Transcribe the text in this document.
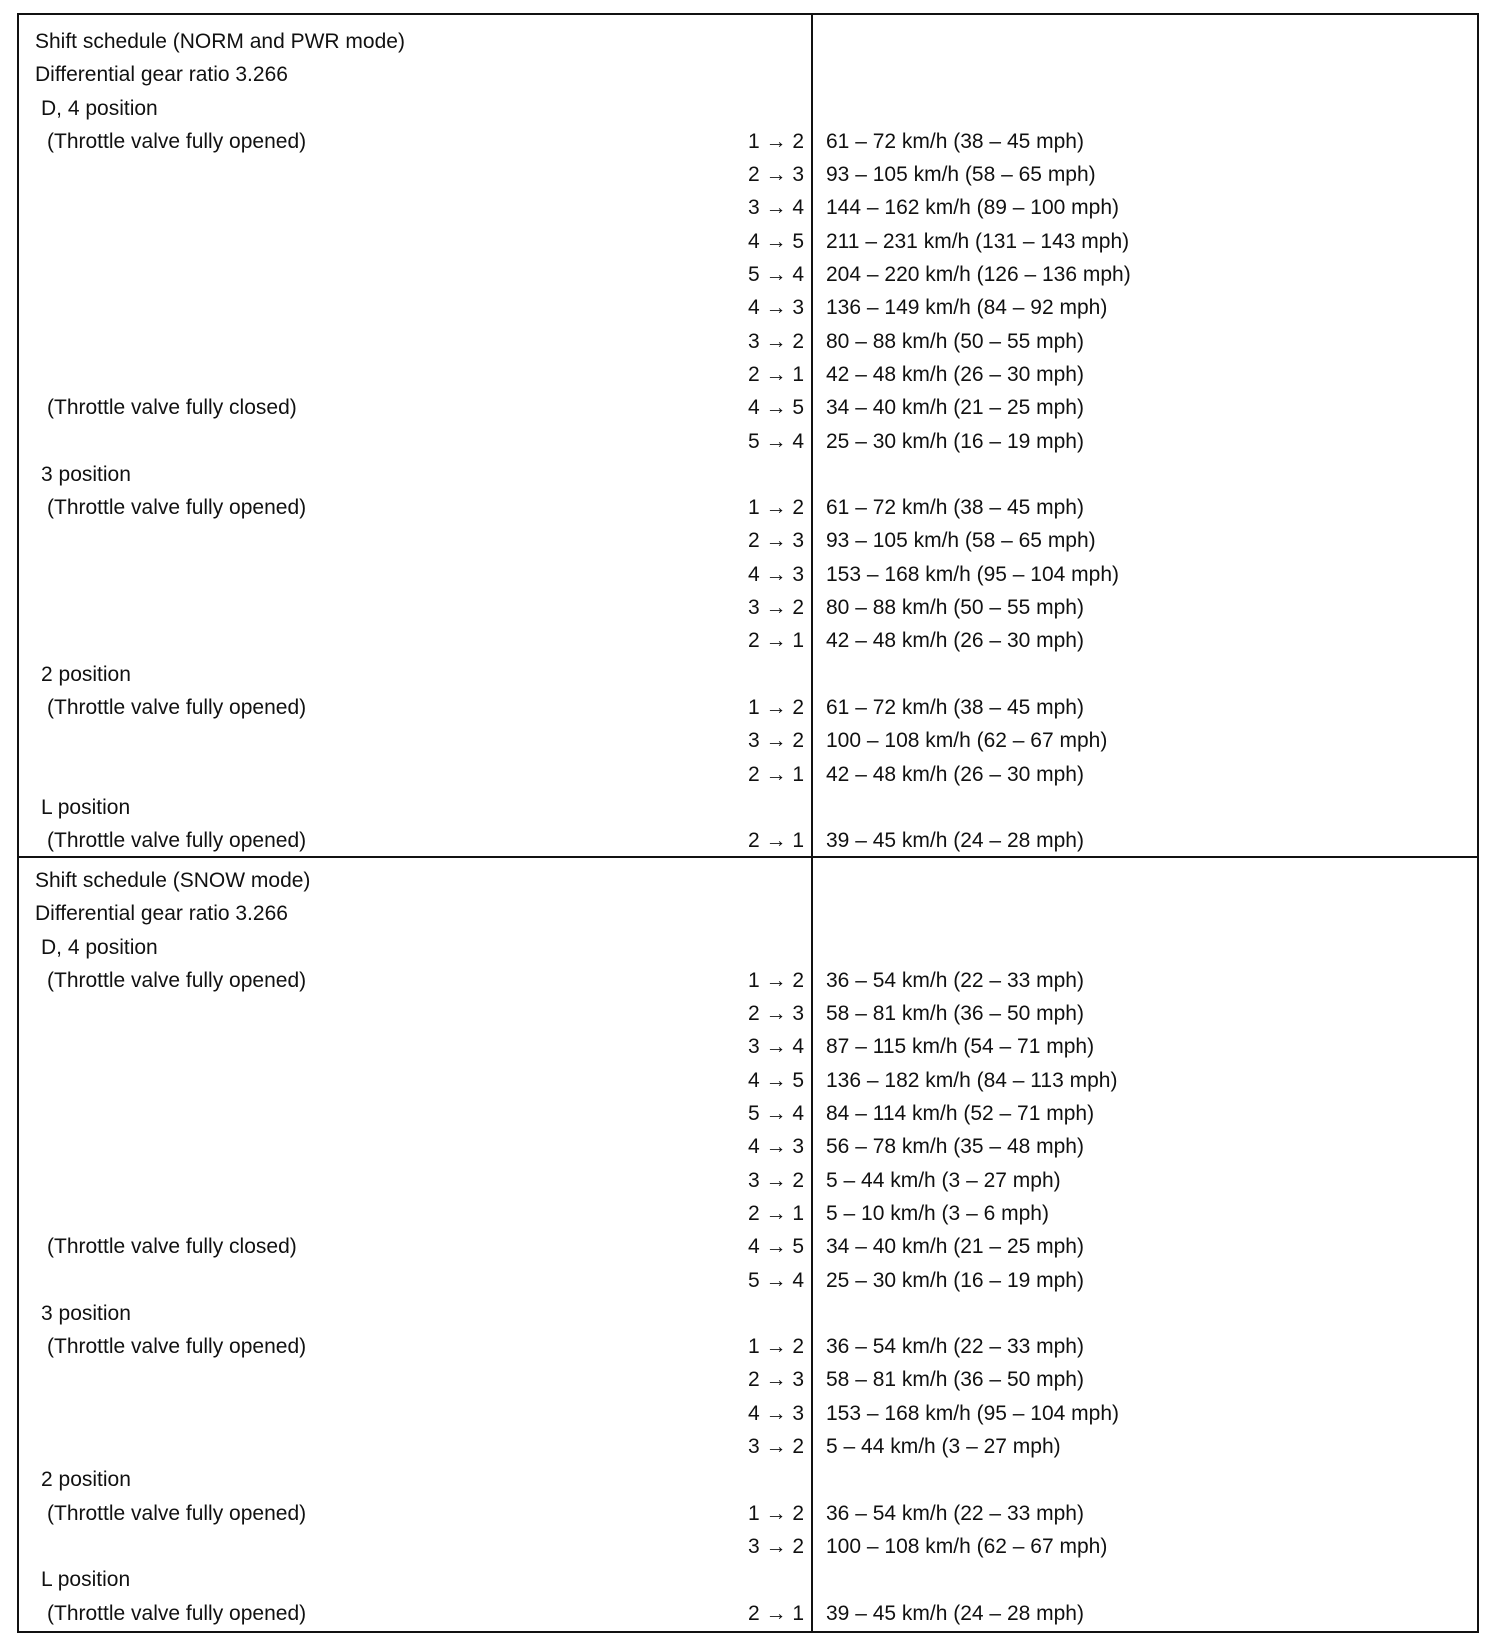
Shift schedule (NORM and PWR mode)
Differential gear ratio 3.266
D, 4 position
(Throttle valve fully opened)	1 → 2 61 – 72 km/h (38 – 45 mph)
2 → 3 93 – 105 km/h (58 – 65 mph)
3 → 4 144 – 162 km/h (89 – 100 mph)
4 → 5 211 – 231 km/h (131 – 143 mph)
5 → 4 204 – 220 km/h (126 – 136 mph)
4 → 3 136 – 149 km/h (84 – 92 mph)
3 → 2 80 – 88 km/h (50 – 55 mph)
2 → 1 42 – 48 km/h (26 – 30 mph)
(Throttle valve fully closed)	4 → 5 34 – 40 km/h (21 – 25 mph)
5 → 4 25 – 30 km/h (16 – 19 mph)
3 position
(Throttle valve fully opened)	1 → 2 61 – 72 km/h (38 – 45 mph)
2 → 3 93 – 105 km/h (58 – 65 mph)
4 → 3 153 – 168 km/h (95 – 104 mph)
3 → 2 80 – 88 km/h (50 – 55 mph)
2 → 1 42 – 48 km/h (26 – 30 mph)
2 position
(Throttle valve fully opened)	1 → 2 61 – 72 km/h (38 – 45 mph)
3 → 2 100 – 108 km/h (62 – 67 mph)
2 → 1 42 – 48 km/h (26 – 30 mph)
L position
(Throttle valve fully opened)	2 → 1 39 – 45 km/h (24 – 28 mph)
Shift schedule (SNOW mode)
Differential gear ratio 3.266
D, 4 position
(Throttle valve fully opened)	1 → 2 36 – 54 km/h (22 – 33 mph)
2 → 3 58 – 81 km/h (36 – 50 mph)
3 → 4 87 – 115 km/h (54 – 71 mph)
4 → 5 136 – 182 km/h (84 – 113 mph)
5 → 4 84 – 114 km/h (52 – 71 mph)
4 → 3 56 – 78 km/h (35 – 48 mph)
3 → 2 5 – 44 km/h (3 – 27 mph)
2 → 1 5 – 10 km/h (3 – 6 mph)
(Throttle valve fully closed)	4 → 5 34 – 40 km/h (21 – 25 mph)
5 → 4 25 – 30 km/h (16 – 19 mph)
3 position
(Throttle valve fully opened)	1 → 2 36 – 54 km/h (22 – 33 mph)
2 → 3 58 – 81 km/h (36 – 50 mph)
4 → 3 153 – 168 km/h (95 – 104 mph)
3 → 2 5 – 44 km/h (3 – 27 mph)
2 position
(Throttle valve fully opened)	1 → 2 36 – 54 km/h (22 – 33 mph)
3 → 2 100 – 108 km/h (62 – 67 mph)
L position
(Throttle valve fully opened)	2 → 1 39 – 45 km/h (24 – 28 mph)
